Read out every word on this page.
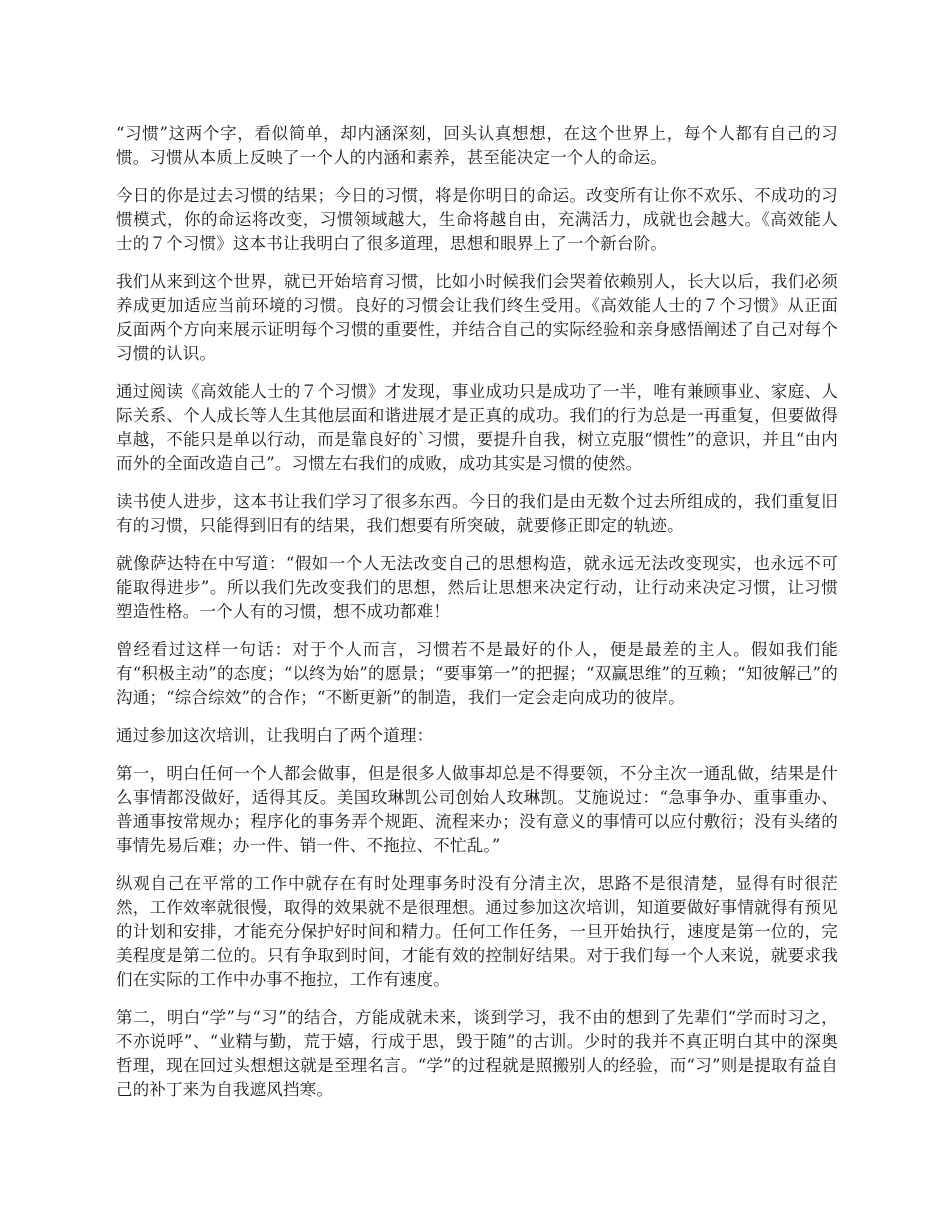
“习惯”这两个字，看似简单，却内涵深刻，回头认真想想，在这个世界上，每个人都有自己的习惯。习惯从本质上反映了一个人的内涵和素养，甚至能决定一个人的命运。

今日的你是过去习惯的结果；今日的习惯，将是你明日的命运。改变所有让你不欢乐、不成功的习惯模式，你的命运将改变，习惯领域越大，生命将越自由，充满活力，成就也会越大。《高效能人士的７个习惯》这本书让我明白了很多道理，思想和眼界上了一个新台阶。

我们从来到这个世界，就已开始培育习惯，比如小时候我们会哭着依赖别人，长大以后，我们必须养成更加适应当前环境的习惯。良好的习惯会让我们终生受用。《高效能人士的７个习惯》从正面反面两个方向来展示证明每个习惯的重要性，并结合自己的实际经验和亲身感悟阐述了自己对每个习惯的认识。

通过阅读《高效能人士的７个习惯》才发现，事业成功只是成功了一半，唯有兼顾事业、家庭、人际关系、个人成长等人生其他层面和谐进展才是正真的成功。我们的行为总是一再重复，但要做得卓越，不能只是单以行动，而是靠良好的`习惯，要提升自我，树立克服“惯性”的意识，并且“由内而外的全面改造自己”。习惯左右我们的成败，成功其实是习惯的使然。

读书使人进步，这本书让我们学习了很多东西。今日的我们是由无数个过去所组成的，我们重复旧有的习惯，只能得到旧有的结果，我们想要有所突破，就要修正即定的轨迹。

就像萨达特在中写道：“假如一个人无法改变自己的思想构造，就永远无法改变现实，也永远不可能取得进步”。所以我们先改变我们的思想，然后让思想来决定行动，让行动来决定习惯，让习惯塑造性格。一个人有的习惯，想不成功都难！

曾经看过这样一句话：对于个人而言，习惯若不是最好的仆人，便是最差的主人。假如我们能有“积极主动”的态度；“以终为始”的愿景；“要事第一”的把握；“双赢思维”的互赖；“知彼解己”的沟通；“综合综效”的合作；“不断更新”的制造，我们一定会走向成功的彼岸。

通过参加这次培训，让我明白了两个道理：

第一，明白任何一个人都会做事，但是很多人做事却总是不得要领，不分主次一通乱做，结果是什么事情都没做好，适得其反。美国玫琳凯公司创始人玫琳凯。艾施说过：“急事争办、重事重办、普通事按常规办；程序化的事务弄个规距、流程来办；没有意义的事情可以应付敷衍；没有头绪的事情先易后难；办一件、销一件、不拖拉、不忙乱。”

纵观自己在平常的工作中就存在有时处理事务时没有分清主次，思路不是很清楚，显得有时很茫然，工作效率就很慢，取得的效果就不是很理想。通过参加这次培训，知道要做好事情就得有预见的计划和安排，才能充分保护好时间和精力。任何工作任务，一旦开始执行，速度是第一位的，完美程度是第二位的。只有争取到时间，才能有效的控制好结果。对于我们每一个人来说，就要求我们在实际的工作中办事不拖拉，工作有速度。

第二，明白“学”与“习”的结合，方能成就未来，谈到学习，我不由的想到了先辈们“学而时习之，不亦说呼”、“业精与勤，荒于嬉，行成于思，毁于随”的古训。少时的我并不真正明白其中的深奥哲理，现在回过头想想这就是至理名言。“学”的过程就是照搬别人的经验，而“习”则是提取有益自己的补丁来为自我遮风挡寒。
